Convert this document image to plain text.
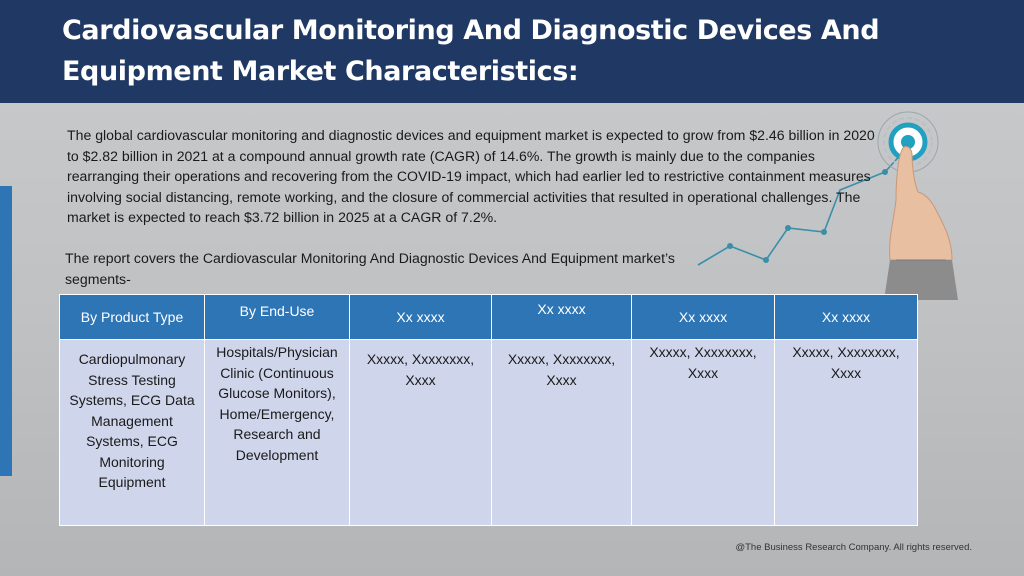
Cardiovascular Monitoring And Diagnostic Devices And Equipment Market Characteristics:
The global cardiovascular monitoring and diagnostic devices and equipment market is expected to grow from $2.46 billion in 2020 to $2.82 billion in 2021 at a compound annual growth rate (CAGR) of 14.6%. The growth is mainly due to the companies rearranging their operations and recovering from the COVID-19 impact, which had earlier led to restrictive containment measures involving social distancing, remote working, and the closure of commercial activities that resulted in operational challenges. The market is expected to reach $3.72 billion in 2025 at a CAGR of 7.2%.
The report covers the Cardiovascular Monitoring And Diagnostic Devices And Equipment market’s segments-
By Product Type	By End-Use	Xx xxxx	Xx xxxx	Xx xxxx	Xx xxxx
Cardiopulmonary Stress Testing Systems, ECG Data Management Systems, ECG Monitoring Equipment	Hospitals/Physician Clinic (Continuous Glucose Monitors), Home/Emergency, Research and Development	Xxxxx, Xxxxxxxx, Xxxx	Xxxxx, Xxxxxxxx, Xxxx	Xxxxx, Xxxxxxxx, Xxxx	Xxxxx, Xxxxxxxx, Xxxx
@The Business Research Company. All rights reserved.
